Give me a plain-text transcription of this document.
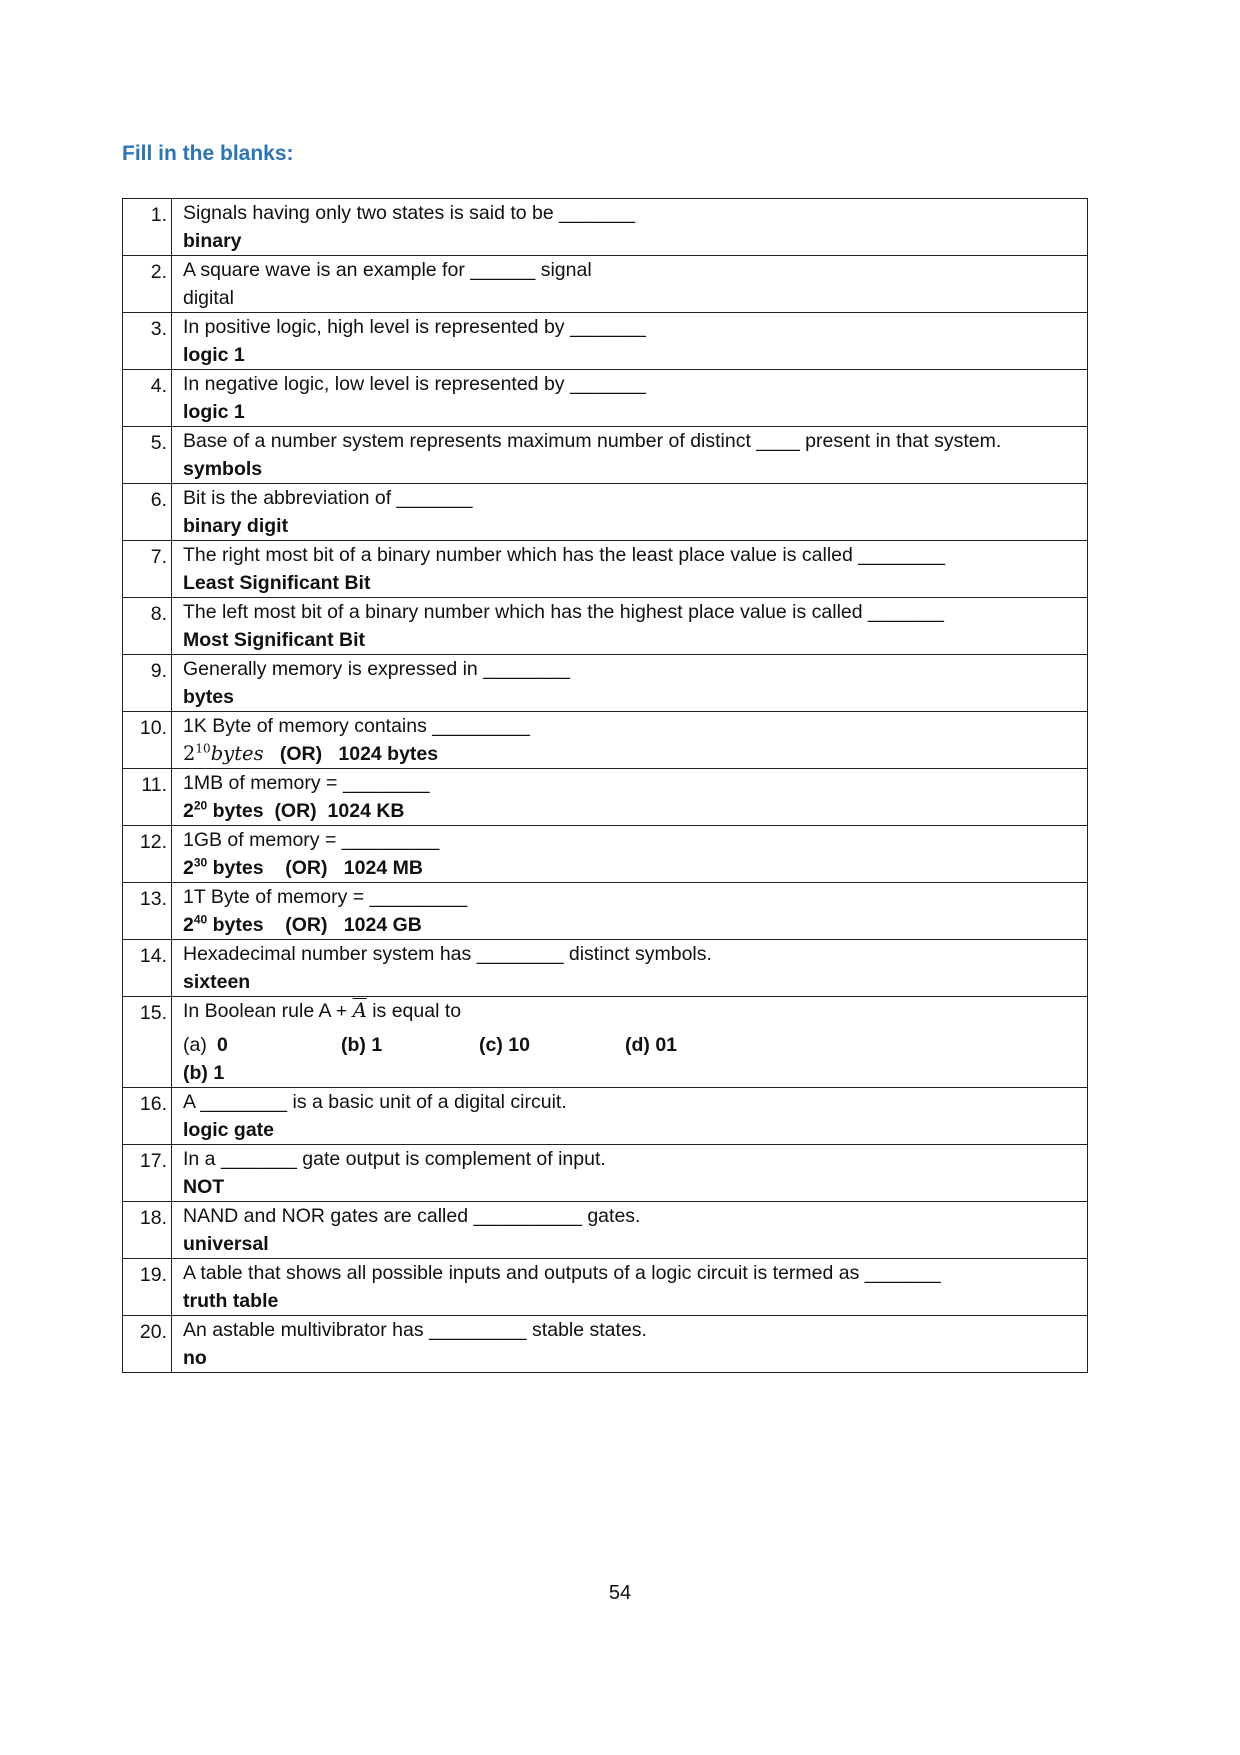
Fill in the blanks:
1.	Signals having only two states is said to be _______
binary

2.	A square wave is an example for ______ signal
digital

3.	In positive logic, high level is represented by _______
logic 1

4.	In negative logic, low level is represented by _______
logic 1

5.	Base of a number system represents maximum number of distinct ____ present in that system.
symbols

6.	Bit is the abbreviation of _______
binary digit

7.	The right most bit of a binary number which has the least place value is called ________
Least Significant Bit

8.	The left most bit of a binary number which has the highest place value is called _______
Most Significant Bit

9.	Generally memory is expressed in ________
bytes

10.	1K Byte of memory contains _________
$2^{10}bytes$ (OR) 1024 bytes

11.	1MB of memory = ________
$2^{20}$ bytes (OR) 1024 KB

12.	1GB of memory = _________
$2^{30}$ bytes (OR) 1024 MB

13.	1T Byte of memory = _________
$2^{40}$ bytes (OR) 1024 GB

14.	Hexadecimal number system has ________ distinct symbols.
sixteen

15.	In Boolean rule $A + \overline{A}$ is equal to
(a) 0 (b) 1 (c) 10 (d) 01
(b) 1

16.	A ________ is a basic unit of a digital circuit.
logic gate

17.	In a _______ gate output is complement of input.
NOT

18.	NAND and NOR gates are called __________ gates.
universal

19.	A table that shows all possible inputs and outputs of a logic circuit is termed as _______
truth table

20.	An astable multivibrator has _________ stable states.
no
54
